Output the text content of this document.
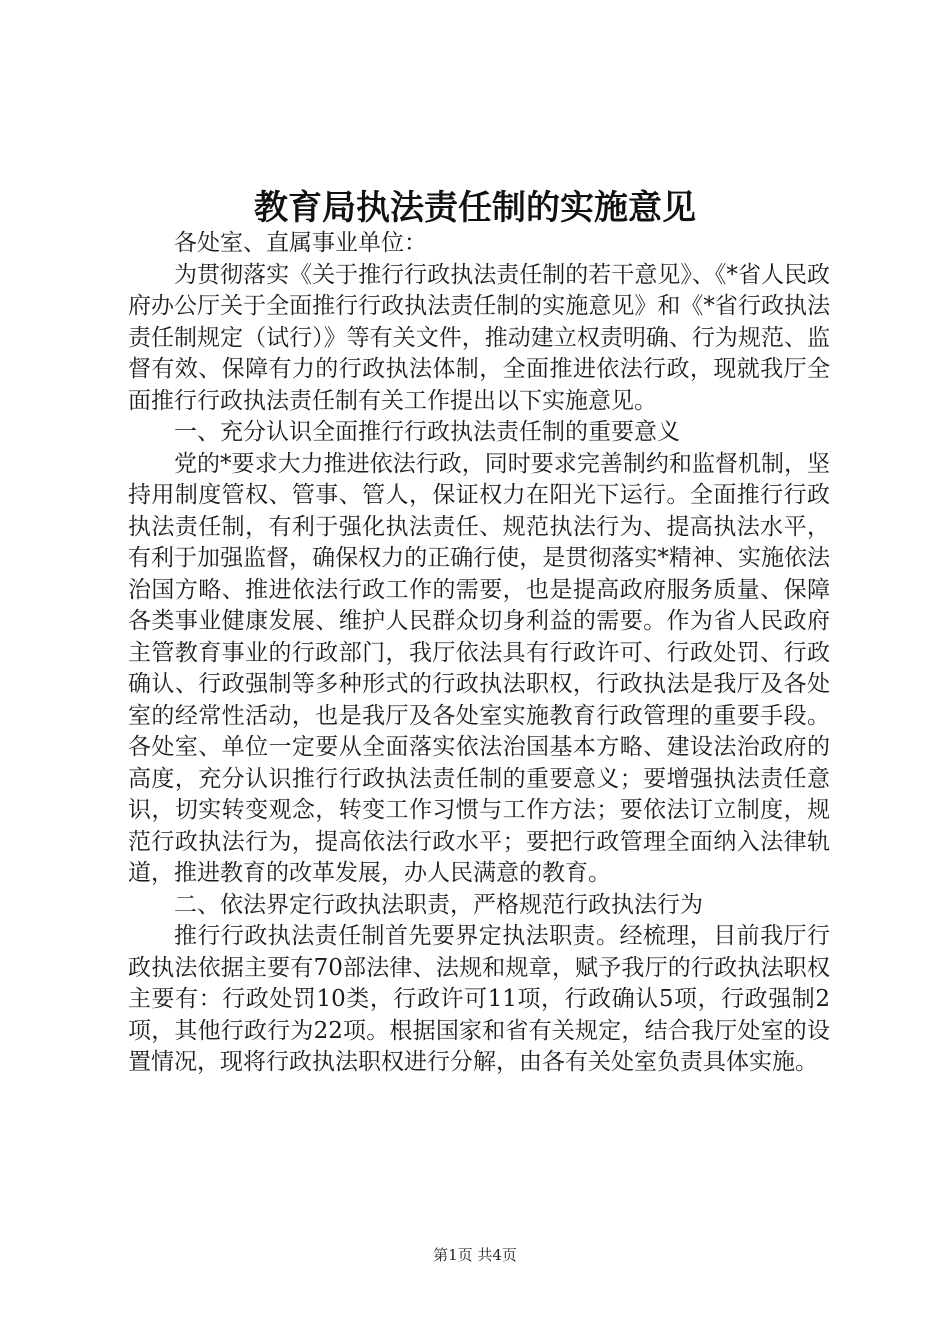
教育局执法责任制的实施意见

各处室、直属事业单位：

为贯彻落实《关于推行行政执法责任制的若干意见》、《*省人民政府办公厅关于全面推行行政执法责任制的实施意见》和《*省行政执法责任制规定（试行）》等有关文件，推动建立权责明确、行为规范、监督有效、保障有力的行政执法体制，全面推进依法行政，现就我厅全面推行行政执法责任制有关工作提出以下实施意见。

一、充分认识全面推行行政执法责任制的重要意义

党的*要求大力推进依法行政，同时要求完善制约和监督机制，坚持用制度管权、管事、管人，保证权力在阳光下运行。全面推行行政执法责任制，有利于强化执法责任、规范执法行为、提高执法水平，有利于加强监督，确保权力的正确行使，是贯彻落实*精神、实施依法治国方略、推进依法行政工作的需要，也是提高政府服务质量、保障各类事业健康发展、维护人民群众切身利益的需要。作为省人民政府主管教育事业的行政部门，我厅依法具有行政许可、行政处罚、行政确认、行政强制等多种形式的行政执法职权，行政执法是我厅及各处室的经常性活动，也是我厅及各处室实施教育行政管理的重要手段。各处室、单位一定要从全面落实依法治国基本方略、建设法治政府的高度，充分认识推行行政执法责任制的重要意义；要增强执法责任意识，切实转变观念，转变工作习惯与工作方法；要依法订立制度，规范行政执法行为，提高依法行政水平；要把行政管理全面纳入法律轨道，推进教育的改革发展，办人民满意的教育。

二、依法界定行政执法职责，严格规范行政执法行为

推行行政执法责任制首先要界定执法职责。经梳理，目前我厅行政执法依据主要有70部法律、法规和规章，赋予我厅的行政执法职权主要有：行政处罚10类，行政许可11项，行政确认5项，行政强制2项，其他行政行为22项。根据国家和省有关规定，结合我厅处室的设置情况，现将行政执法职权进行分解，由各有关处室负责具体实施。

第1页 共4页
